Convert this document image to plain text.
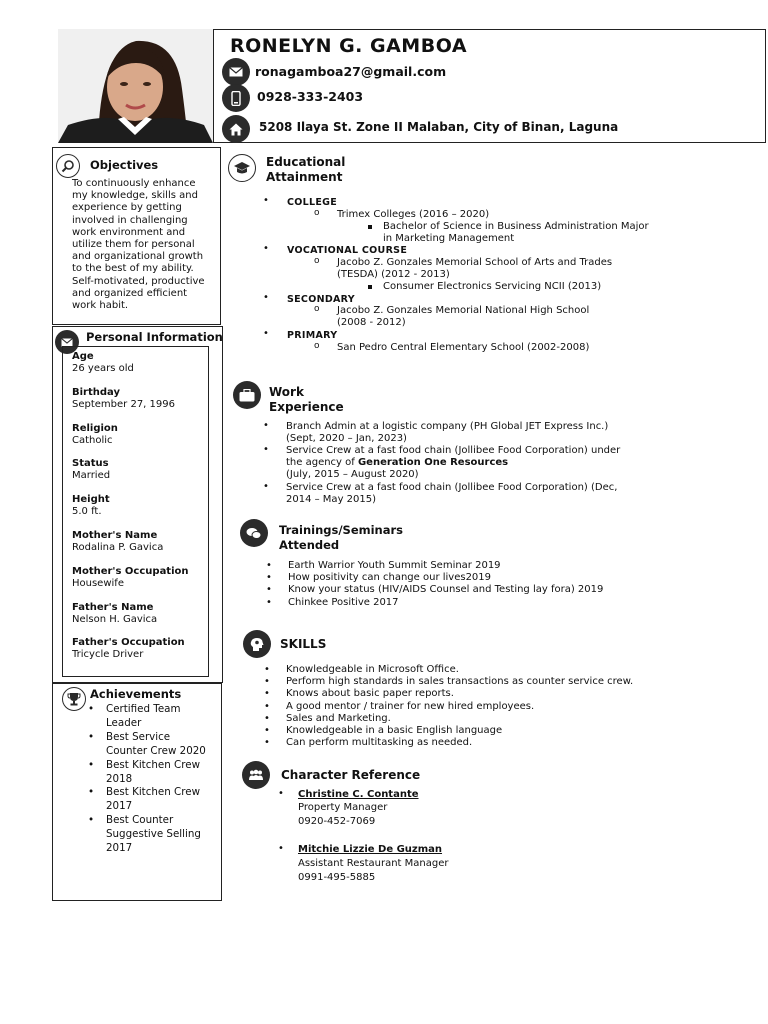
RONELYN G. GAMBOA
ronagamboa27@gmail.com
0928-333-2403
5208 Ilaya St. Zone II Malaban, City of Binan, Laguna
Objectives
To continuously enhance my knowledge, skills and experience by getting involved in challenging work environment and utilize them for personal and organizational growth to the best of my ability. Self-motivated, productive and organized efficient work habit.
Personal Information
Age
26 years old
Birthday
September 27, 1996
Religion
Catholic
Status
Married
Height
5.0 ft.
Mother's Name
Rodalina P. Gavica
Mother's Occupation
Housewife
Father's Name
Nelson H. Gavica
Father's Occupation
Tricycle Driver
Achievements
• Certified Team Leader
• Best Service Counter Crew 2020
• Best Kitchen Crew 2018
• Best Kitchen Crew 2017
• Best Counter Suggestive Selling 2017
Educational
Attainment
• COLLEGE
o Trimex Colleges (2016 – 2020)
Bachelor of Science in Business Administration Major
in Marketing Management
• VOCATIONAL COURSE
o Jacobo Z. Gonzales Memorial School of Arts and Trades
(TESDA) (2012 - 2013)
Consumer Electronics Servicing NCII (2013)
• SECONDARY
o Jacobo Z. Gonzales Memorial National High School
(2008 - 2012)
• PRIMARY
o San Pedro Central Elementary School (2002-2008)
Work
Experience
• Branch Admin at a logistic company (PH Global JET Express Inc.)
(Sept, 2020 – Jan, 2023)
• Service Crew at a fast food chain (Jollibee Food Corporation) under
the agency of Generation One Resources
(July, 2015 – August 2020)
• Service Crew at a fast food chain (Jollibee Food Corporation) (Dec,
2014 – May 2015)
Trainings/Seminars
Attended
• Earth Warrior Youth Summit Seminar 2019
• How positivity can change our lives2019
• Know your status (HIV/AIDS Counsel and Testing lay fora) 2019
• Chinkee Positive 2017
SKILLS
• Knowledgeable in Microsoft Office.
• Perform high standards in sales transactions as counter service crew.
• Knows about basic paper reports.
• A good mentor / trainer for new hired employees.
• Sales and Marketing.
• Knowledgeable in a basic English language
• Can perform multitasking as needed.
Character Reference
• Christine C. Contante
Property Manager
0920-452-7069
• Mitchie Lizzie De Guzman
Assistant Restaurant Manager
0991-495-5885
